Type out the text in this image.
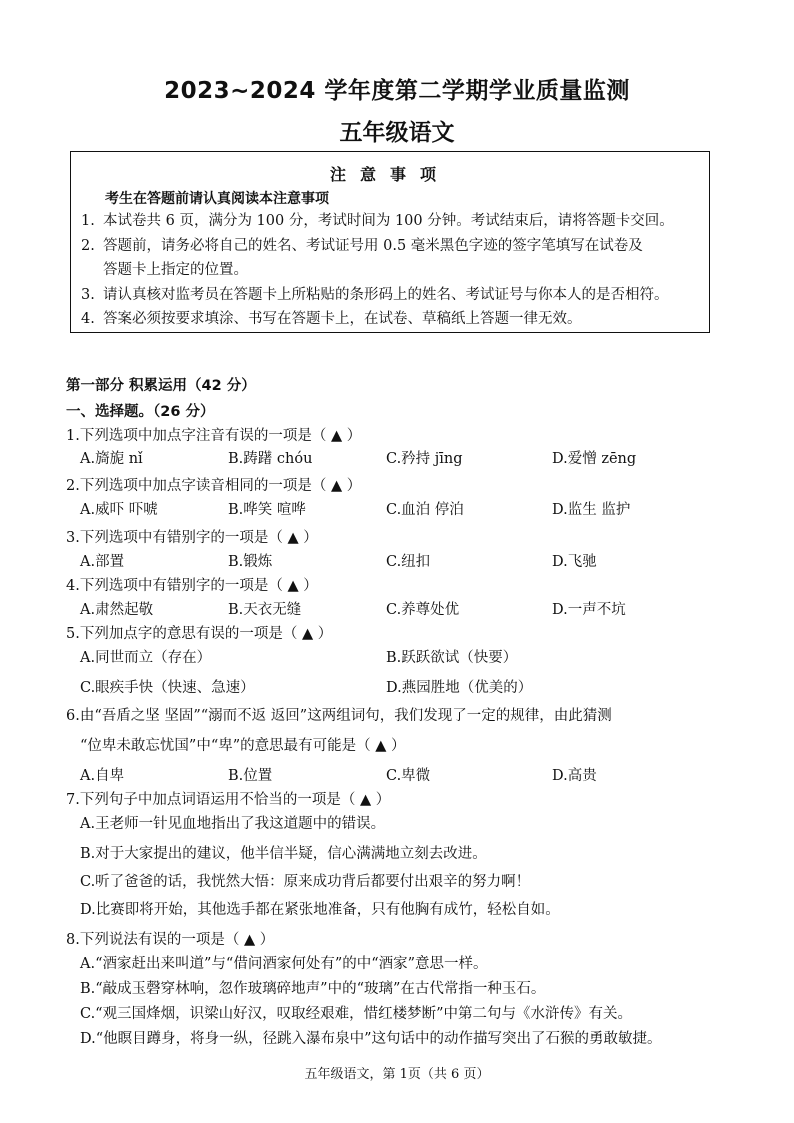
2023~2024 学年度第二学期学业质量监测
五年级语文
注意事项
考生在答题前请认真阅读本注意事项
1. 本试卷共 6 页，满分为 100 分，考试时间为 100 分钟。考试结束后，请将答题卡交回。
2. 答题前，请务必将自己的姓名、考试证号用 0.5 毫米黑色字迹的签字笔填写在试卷及
答题卡上指定的位置。
3. 请认真核对监考员在答题卡上所粘贴的条形码上的姓名、考试证号与你本人的是否相符。
4. 答案必须按要求填涂、书写在答题卡上，在试卷、草稿纸上答题一律无效。
第一部分 积累运用（42 分）
一、选择题。（26 分）
1.下列选项中加点字注音有误的一项是（ ▲ ）
A.旖旎 nǐ	B.踌躇 chóu	C.矜持 jīng	D.爱憎 zēng
2.下列选项中加点字读音相同的一项是（ ▲ ）
A.威吓 吓唬	B.哗笑 喧哗	C.血泊 停泊	D.监生 监护
3.下列选项中有错别字的一项是（ ▲ ）
A.部置	B.锻炼	C.纽扣	D.飞驰
4.下列选项中有错别字的一项是（ ▲ ）
A.肃然起敬	B.天衣无缝	C.养尊处优	D.一声不坑
5.下列加点字的意思有误的一项是（ ▲ ）
A.同世而立（存在）	B.跃跃欲试（快要）
C.眼疾手快（快速、急速）	D.燕园胜地（优美的）
6.由“吾盾之坚 坚固”“溺而不返 返回”这两组词句，我们发现了一定的规律，由此猜测
“位卑未敢忘忧国”中“卑”的意思最有可能是（ ▲ ）
A.自卑	B.位置	C.卑微	D.高贵
7.下列句子中加点词语运用不恰当的一项是（ ▲ ）
A.王老师一针见血地指出了我这道题中的错误。
B.对于大家提出的建议，他半信半疑，信心满满地立刻去改进。
C.听了爸爸的话，我恍然大悟：原来成功背后都要付出艰辛的努力啊！
D.比赛即将开始，其他选手都在紧张地准备，只有他胸有成竹，轻松自如。
8.下列说法有误的一项是（ ▲ ）
A.“酒家赶出来叫道”与“借问酒家何处有”的中“酒家”意思一样。
B.“敲成玉磬穿林响，忽作玻璃碎地声”中的“玻璃”在古代常指一种玉石。
C.“观三国烽烟，识梁山好汉，叹取经艰难，惜红楼梦断”中第二句与《水浒传》有关。
D.“他瞑目蹲身，将身一纵，径跳入瀑布泉中”这句话中的动作描写突出了石猴的勇敢敏捷。
五年级语文，第 1页（共 6 页）
